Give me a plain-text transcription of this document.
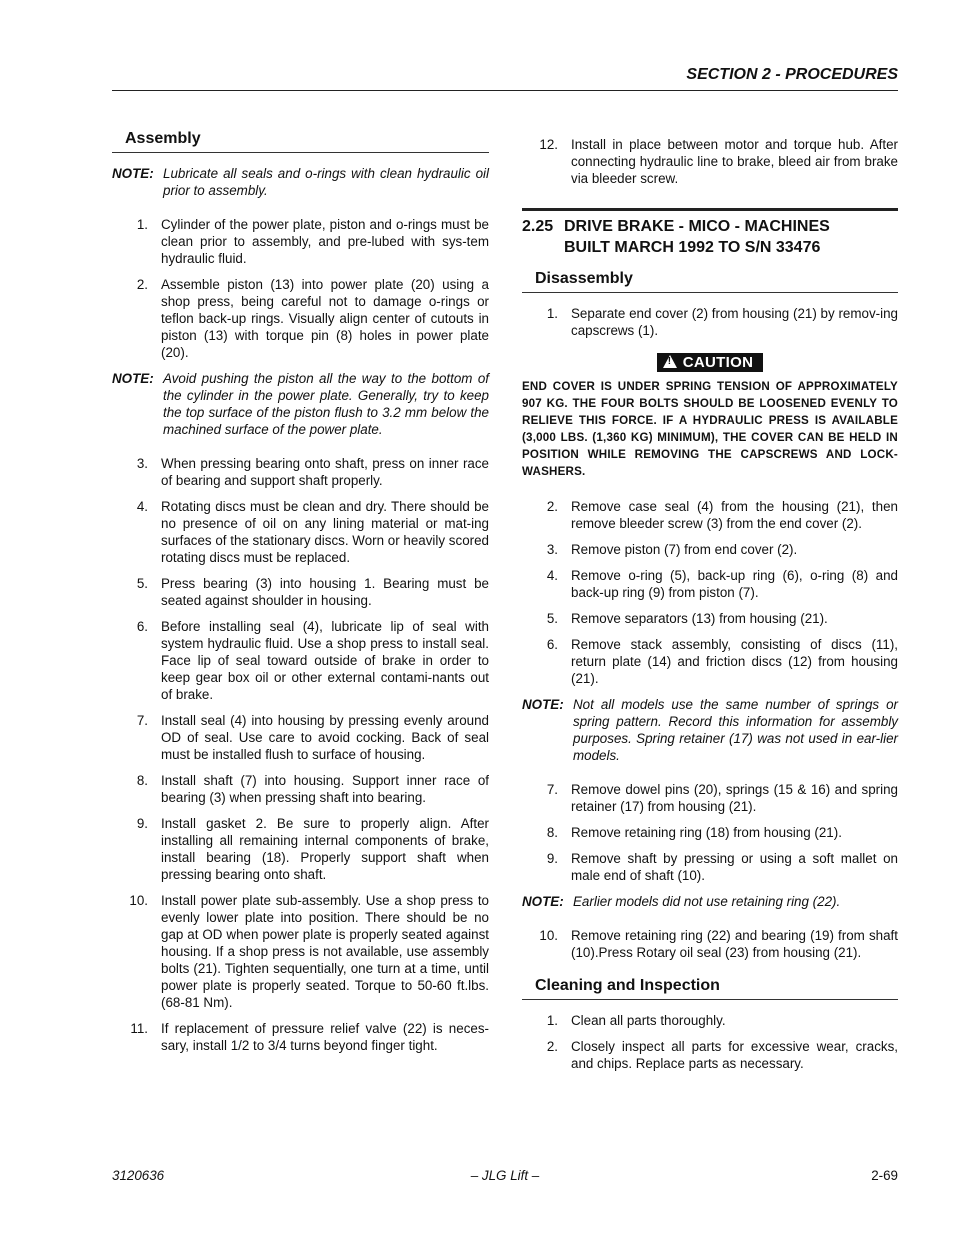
SECTION 2 - PROCEDURES
Assembly
NOTE: Lubricate all seals and o-rings with clean hydraulic oil prior to assembly.
1. Cylinder of the power plate, piston and o-rings must be clean prior to assembly, and pre-lubed with sys-tem hydraulic fluid.
2. Assemble piston (13) into power plate (20) using a shop press, being careful not to damage o-rings or teflon back-up rings. Visually align center of cutouts in piston (13) with torque pin (8) holes in power plate (20).
NOTE: Avoid pushing the piston all the way to the bottom of the cylinder in the power plate. Generally, try to keep the top surface of the piston flush to 3.2 mm below the machined surface of the power plate.
3. When pressing bearing onto shaft, press on inner race of bearing and support shaft properly.
4. Rotating discs must be clean and dry. There should be no presence of oil on any lining material or mat-ing surfaces of the stationary discs. Worn or heavily scored rotating discs must be replaced.
5. Press bearing (3) into housing 1. Bearing must be seated against shoulder in housing.
6. Before installing seal (4), lubricate lip of seal with system hydraulic fluid. Use a shop press to install seal. Face lip of seal toward outside of brake in order to keep gear box oil or other external contami-nants out of brake.
7. Install seal (4) into housing by pressing evenly around OD of seal. Use care to avoid cocking. Back of seal must be installed flush to surface of housing.
8. Install shaft (7) into housing. Support inner race of bearing (3) when pressing shaft into bearing.
9. Install gasket 2. Be sure to properly align. After installing all remaining internal components of brake, install bearing (18). Properly support shaft when pressing bearing onto shaft.
10. Install power plate sub-assembly. Use a shop press to evenly lower plate into position. There should be no gap at OD when power plate is properly seated against housing. If a shop press is not available, use assembly bolts (21). Tighten sequentially, one turn at a time, until power plate is properly seated. Torque to 50-60 ft.lbs. (68-81 Nm).
11. If replacement of pressure relief valve (22) is neces-sary, install 1/2 to 3/4 turns beyond finger tight.
12. Install in place between motor and torque hub. After connecting hydraulic line to brake, bleed air from brake via bleeder screw.
2.25 DRIVE BRAKE - MICO - MACHINES
BUILT MARCH 1992 TO S/N 33476
Disassembly
1. Separate end cover (2) from housing (21) by remov-ing capscrews (1).
!CAUTION
END COVER IS UNDER SPRING TENSION OF APPROXIMATELY 907 KG. THE FOUR BOLTS SHOULD BE LOOSENED EVENLY TO RELIEVE THIS FORCE. IF A HYDRAULIC PRESS IS AVAILABLE (3,000 LBS. (1,360 KG) MINIMUM), THE COVER CAN BE HELD IN POSITION WHILE REMOVING THE CAPSCREWS AND LOCK-WASHERS.
2. Remove case seal (4) from the housing (21), then remove bleeder screw (3) from the end cover (2).
3. Remove piston (7) from end cover (2).
4. Remove o-ring (5), back-up ring (6), o-ring (8) and back-up ring (9) from piston (7).
5. Remove separators (13) from housing (21).
6. Remove stack assembly, consisting of discs (11), return plate (14) and friction discs (12) from housing (21).
NOTE: Not all models use the same number of springs or spring pattern. Record this information for assembly purposes. Spring retainer (17) was not used in ear-lier models.
7. Remove dowel pins (20), springs (15 & 16) and spring retainer (17) from housing (21).
8. Remove retaining ring (18) from housing (21).
9. Remove shaft by pressing or using a soft mallet on male end of shaft (10).
NOTE: Earlier models did not use retaining ring (22).
10. Remove retaining ring (22) and bearing (19) from shaft (10).Press Rotary oil seal (23) from housing (21).
Cleaning and Inspection
1. Clean all parts thoroughly.
2. Closely inspect all parts for excessive wear, cracks, and chips. Replace parts as necessary.
3120636	– JLG Lift –	2-69
